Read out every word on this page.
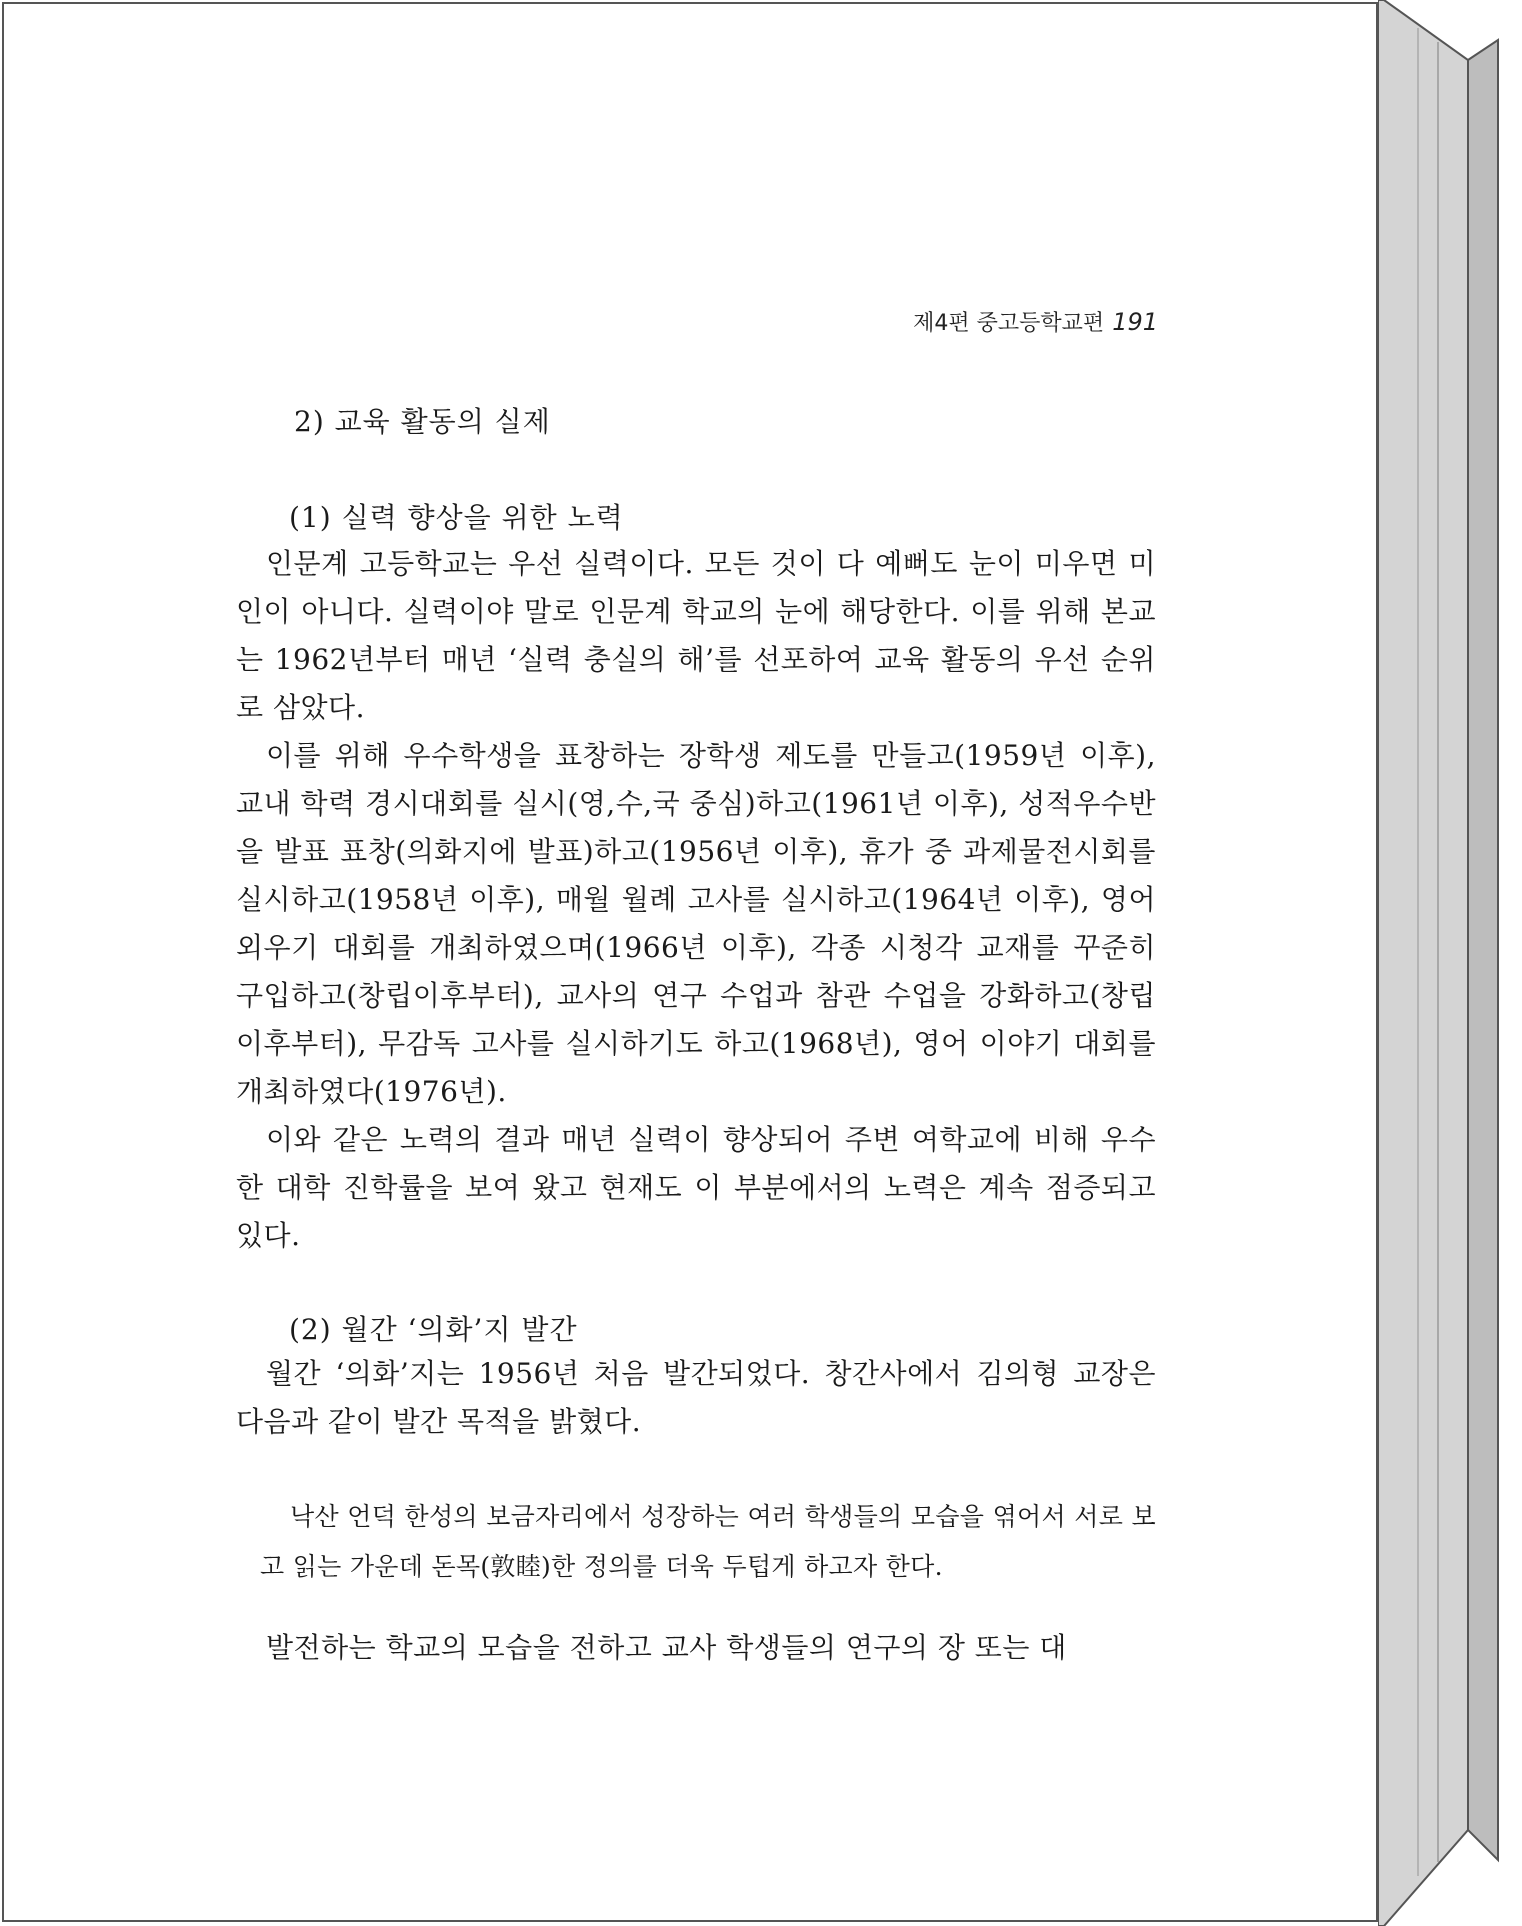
제4편 중고등학교편 191
2) 교육 활동의 실제
(1) 실력 향상을 위한 노력

인문계 고등학교는 우선 실력이다. 모든 것이 다 예뻐도 눈이 미우면 미인이 아니다. 실력이야 말로 인문계 학교의 눈에 해당한다. 이를 위해 본교는 1962년부터 매년 ‘실력 충실의 해’를 선포하여 교육 활동의 우선 순위로 삼았다.

이를 위해 우수학생을 표창하는 장학생 제도를 만들고(1959년 이후), 교내 학력 경시대회를 실시(영,수,국 중심)하고(1961년 이후), 성적우수반을 발표 표창(의화지에 발표)하고(1956년 이후), 휴가 중 과제물전시회를 실시하고(1958년 이후), 매월 월례 고사를 실시하고(1964년 이후), 영어 외우기 대회를 개최하였으며(1966년 이후), 각종 시청각 교재를 꾸준히 구입하고(창립이후부터), 교사의 연구 수업과 참관 수업을 강화하고(창립 이후부터), 무감독 고사를 실시하기도 하고(1968년), 영어 이야기 대회를 개최하였다(1976년).

이와 같은 노력의 결과 매년 실력이 향상되어 주변 여학교에 비해 우수한 대학 진학률을 보여 왔고 현재도 이 부분에서의 노력은 계속 점증되고 있다.

(2) 월간 ‘의화’지 발간

월간 ‘의화’지는 1956년 처음 발간되었다. 창간사에서 김의형 교장은 다음과 같이 발간 목적을 밝혔다.

낙산 언덕 한성의 보금자리에서 성장하는 여러 학생들의 모습을 엮어서 서로 보고 읽는 가운데 돈목(敦睦)한 정의를 더욱 두텁게 하고자 한다.

발전하는 학교의 모습을 전하고 교사 학생들의 연구의 장 또는 대
